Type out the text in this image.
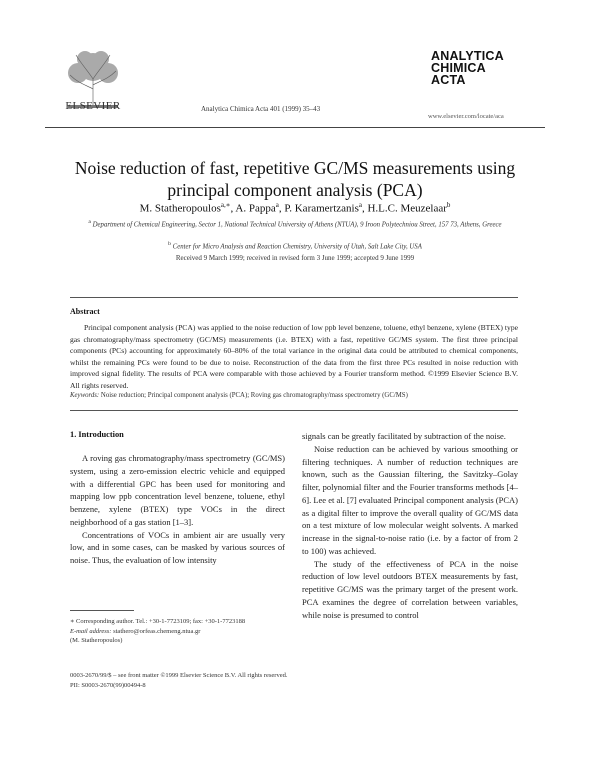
ELSEVIER	Analytica Chimica Acta 401 (1999) 35–43
ANALYTICA
CHIMICA
ACTA
www.elsevier.com/locate/aca
Noise reduction of fast, repetitive GC/MS measurements using principal component analysis (PCA)
M. Statheropoulos$^{a,∗}$, A. Pappa$^a$, P. Karamertzanis$^a$, H.L.C. Meuzelaar$^b$
$^a$ Department of Chemical Engineering, Sector 1, National Technical University of Athens (NTUA), 9 Iroon Polytechniou Street, 157 73, Athens, Greece
$^b$ Center for Micro Analysis and Reaction Chemistry, University of Utah, Salt Lake City, USA
Received 9 March 1999; received in revised form 3 June 1999; accepted 9 June 1999
Abstract
Principal component analysis (PCA) was applied to the noise reduction of low ppb level benzene, toluene, ethyl benzene, xylene (BTEX) type gas chromatography/mass spectrometry (GC/MS) measurements (i.e. BTEX) with a fast, repetitive GC/MS system. The first three principal components (PCs) accounting for approximately 60–80% of the total variance in the original data could be attributed to chemical components, whilst the remaining PCs were found to be due to noise. Reconstruction of the data from the first three PCs resulted in noise reduction with improved signal fidelity. The results of PCA were comparable with those achieved by a Fourier transform method. ©1999 Elsevier Science B.V. All rights reserved.
Keywords: Noise reduction; Principal component analysis (PCA); Roving gas chromatography/mass spectrometry (GC/MS)
1. Introduction

A roving gas chromatography/mass spectrometry (GC/MS) system, using a zero-emission electric vehicle and equipped with a differential GPC has been used for monitoring and mapping low ppb concentration level benzene, toluene, ethyl benzene, xylene (BTEX) type VOCs in the direct neighborhood of a gas station [1–3].

Concentrations of VOCs in ambient air are usually very low, and in some cases, can be masked by various sources of noise. Thus, the evaluation of low intensity

signals can be greatly facilitated by subtraction of the noise.

Noise reduction can be achieved by various smoothing or filtering techniques. A number of reduction techniques are known, such as the Gaussian filtering, the Savitzky–Golay filter, polynomial filter and the Fourier transforms methods [4–6]. Lee et al. [7] evaluated Principal component analysis (PCA) as a digital filter to improve the overall quality of GC/MS data on a test mixture of low molecular weight solvents. A marked increase in the signal-to-noise ratio (i.e. by a factor of from 2 to 100) was achieved.

The study of the effectiveness of PCA in the noise reduction of low level outdoors BTEX measurements by fast, repetitive GC/MS was the primary target of the present work. PCA examines the degree of correlation between variables, while noise is presumed to control

∗ Corresponding author. Tel.: +30-1-7723109; fax: +30-1-7723188
E-mail address: stathero@orfeas.chemeng.ntua.gr
(M. Statheropoulos)
0003-2670/99/$ – see front matter ©1999 Elsevier Science B.V. All rights reserved.
PII: S0003-2670(99)00494-8
